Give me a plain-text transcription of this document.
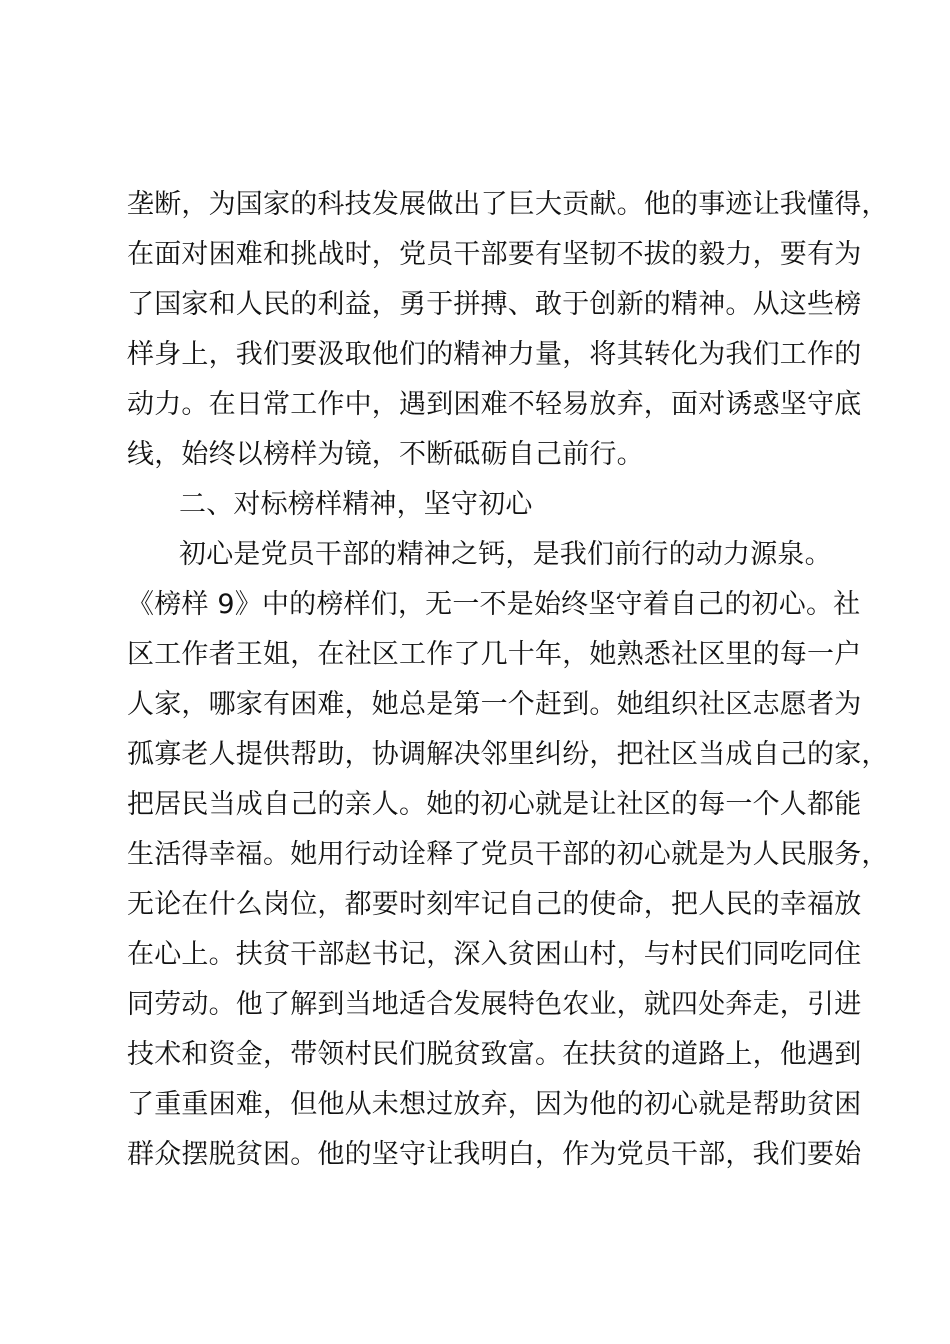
垄断，为国家的科技发展做出了巨大贡献。他的事迹让我懂得，
在面对困难和挑战时，党员干部要有坚韧不拔的毅力，要有为
了国家和人民的利益，勇于拼搏、敢于创新的精神。从这些榜
样身上，我们要汲取他们的精神力量，将其转化为我们工作的
动力。在日常工作中，遇到困难不轻易放弃，面对诱惑坚守底
线，始终以榜样为镜，不断砥砺自己前行。
二、对标榜样精神，坚守初心
初心是党员干部的精神之钙，是我们前行的动力源泉。
《榜样 9》中的榜样们，无一不是始终坚守着自己的初心。社
区工作者王姐，在社区工作了几十年，她熟悉社区里的每一户
人家，哪家有困难，她总是第一个赶到。她组织社区志愿者为
孤寡老人提供帮助，协调解决邻里纠纷，把社区当成自己的家，
把居民当成自己的亲人。她的初心就是让社区的每一个人都能
生活得幸福。她用行动诠释了党员干部的初心就是为人民服务，
无论在什么岗位，都要时刻牢记自己的使命，把人民的幸福放
在心上。扶贫干部赵书记，深入贫困山村，与村民们同吃同住
同劳动。他了解到当地适合发展特色农业，就四处奔走，引进
技术和资金，带领村民们脱贫致富。在扶贫的道路上，他遇到
了重重困难，但他从未想过放弃，因为他的初心就是帮助贫困
群众摆脱贫困。他的坚守让我明白，作为党员干部，我们要始
